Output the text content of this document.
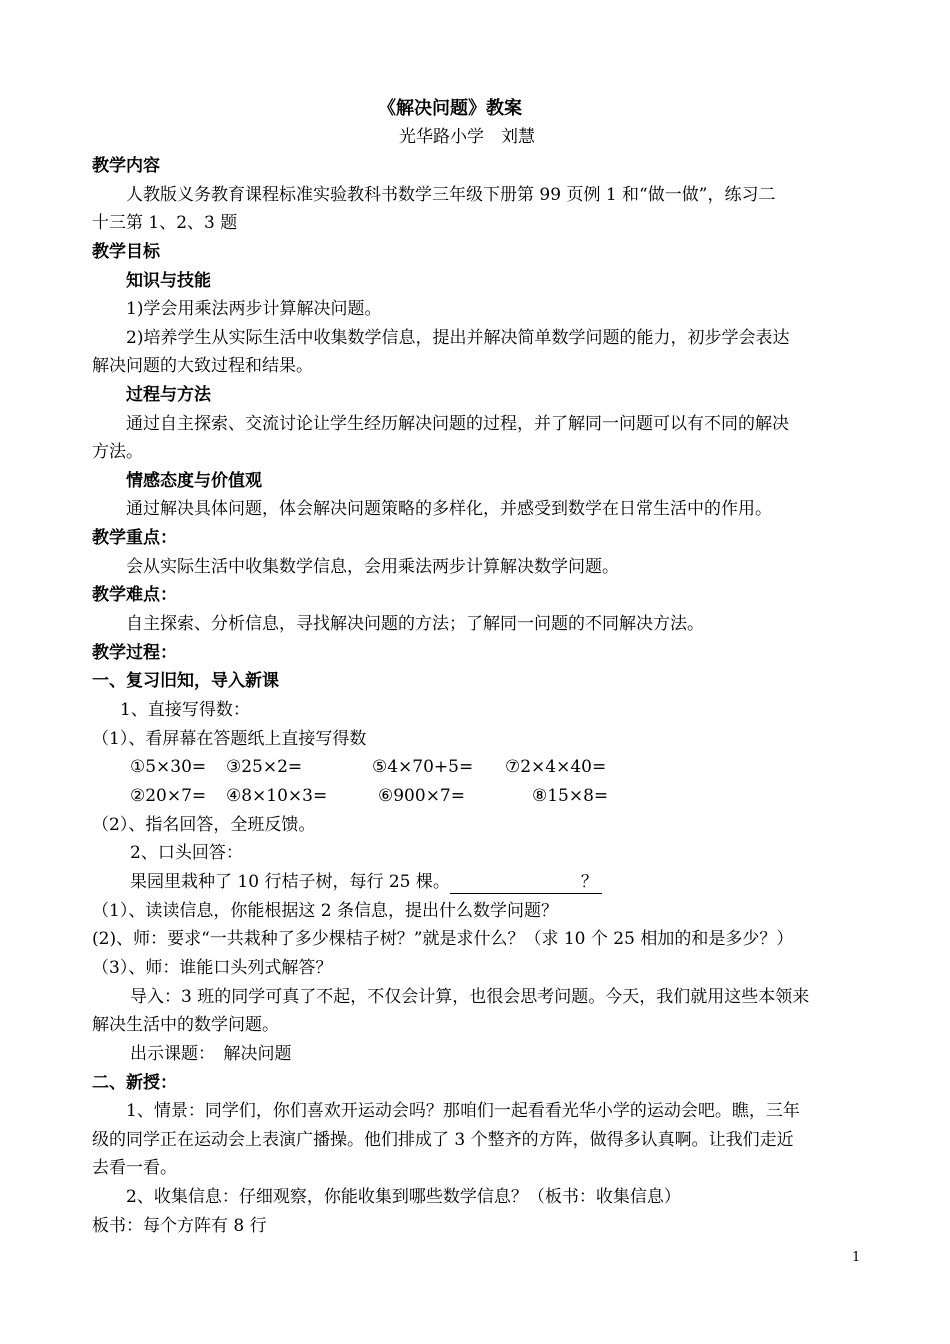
《解决问题》教案
光华路小学　刘慧
教学内容
人教版义务教育课程标准实验教科书数学三年级下册第 99 页例 1 和“做一做”，练习二
十三第 1、2、3 题
教学目标
知识与技能
1)学会用乘法两步计算解决问题。
2)培养学生从实际生活中收集数学信息，提出并解决简单数学问题的能力，初步学会表达
解决问题的大致过程和结果。
过程与方法
通过自主探索、交流讨论让学生经历解决问题的过程，并了解同一问题可以有不同的解决
方法。
情感态度与价值观
通过解决具体问题，体会解决问题策略的多样化，并感受到数学在日常生活中的作用。
教学重点：
会从实际生活中收集数学信息，会用乘法两步计算解决数学问题。
教学难点：
自主探索、分析信息，寻找解决问题的方法；了解同一问题的不同解决方法。
教学过程：
一、复习旧知，导入新课
1、直接写得数：
（1）、看屏幕在答题纸上直接写得数
①5×30= ③25×2=	⑤4×70+5= ⑦2×4×40=
②20×7= ④8×10×3=	⑥900×7=	⑧15×8=
（2）、指名回答，全班反馈。
2、口头回答：
果园里栽种了 10 行桔子树，每行 25 棵。	？
（1）、读读信息，你能根据这 2 条信息，提出什么数学问题？
(2)、师：要求“一共栽种了多少棵桔子树？”就是求什么？（求 10 个 25 相加的和是多少？）
（3）、师：谁能口头列式解答？
导入：3 班的同学可真了不起，不仅会计算，也很会思考问题。今天，我们就用这些本领来
解决生活中的数学问题。
出示课题：　解决问题
二、新授：
1、情景：同学们，你们喜欢开运动会吗？那咱们一起看看光华小学的运动会吧。瞧，三年
级的同学正在运动会上表演广播操。他们排成了 3 个整齐的方阵，做得多认真啊。让我们走近
去看一看。
2、收集信息：仔细观察，你能收集到哪些数学信息？（板书：收集信息）
板书：每个方阵有 8 行
1
